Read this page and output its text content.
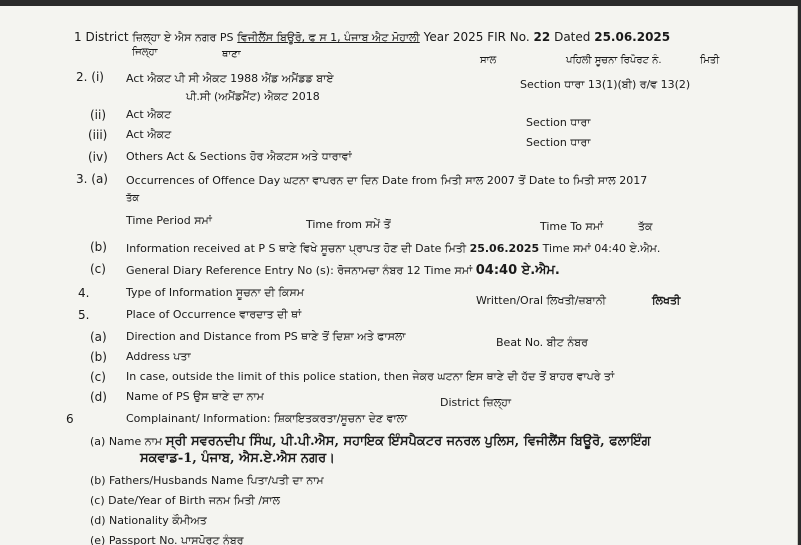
1 District ਜ਼ਿਲ੍ਹਾ ਏ ਐਸ ਨਗਰ PS ਵਿਜੀਲੈਂਸ ਬਿਊਰੋ, ਫ ਸ 1, ਪੰਜਾਬ ਐਟ ਮੋਹਾਲੀ Year 2025 FIR No. 22 Dated 25.06.2025
ਜਿਲ੍ਹਾ	ਥਾਣਾ
ਸਾਲ	ਪਹਿਲੀ ਸੂਚਨਾ ਰਿਪੋਰਟ ਨੰ.	ਮਿਤੀ
2. (i) Act ਐਕਟ ਪੀ ਸੀ ਐਕਟ 1988 ਐਂਡ ਅਮੈਂਡਡ ਬਾਏ
ਪੀ.ਸੀ (ਅਮੈਂਡਮੈਂਟ) ਐਕਟ 2018
Section ਧਾਰਾ 13(1)(ਬੀ) ਰ/ਵ 13(2)
(ii) Act ਐਕਟ
Section ਧਾਰਾ
(iii) Act ਐਕਟ
Section ਧਾਰਾ
(iv) Others Act & Sections ਹੋਰ ਐਕਟਸ ਅਤੇ ਧਾਰਾਵਾਂ
3. (a) Occurrences of Offence Day ਘਟਨਾ ਵਾਪਰਨ ਦਾ ਦਿਨ Date from ਮਿਤੀ ਸਾਲ 2007 ਤੋਂ Date to ਮਿਤੀ ਸਾਲ 2017
ਤੱਕ
Time Period ਸਮਾਂ	Time from ਸਮੇਂ ਤੋਂ	Time To ਸਮਾਂ	ਤੱਕ
(b) Information received at P S ਥਾਣੇ ਵਿਖੇ ਸੂਚਨਾ ਪ੍ਰਾਪਤ ਹੋਣ ਦੀ Date ਮਿਤੀ 25.06.2025 Time ਸਮਾਂ 04:40 ਏ.ਐਮ.
(c) General Diary Reference Entry No (s): ਰੋਜਨਾਮਚਾ ਨੰਬਰ 12 Time ਸਮਾਂ 04:40 ਏ.ਐਮ.
4.	Type of Information ਸੂਚਨਾ ਦੀ ਕਿਸਮ
Written/Oral ਲਿਖਤੀ/ਜ਼ਬਾਨੀ	ਲਿਖਤੀ
5.	Place of Occurrence ਵਾਰਦਾਤ ਦੀ ਥਾਂ
(a) Direction and Distance from PS ਥਾਣੇ ਤੋਂ ਦਿਸ਼ਾ ਅਤੇ ਫਾਸਲਾ	Beat No. ਬੀਟ ਨੰਬਰ
(b) Address ਪਤਾ
(c) In case, outside the limit of this police station, then ਜੇਕਰ ਘਟਨਾ ਇਸ ਥਾਣੇ ਦੀ ਹੱਦ ਤੋਂ ਬਾਹਰ ਵਾਪਰੇ ਤਾਂ
(d) Name of PS ਉਸ ਥਾਣੇ ਦਾ ਨਾਮ	District ਜ਼ਿਲ੍ਹਾ
6	Complainant/ Information: ਸ਼ਿਕਾਇਤਕਰਤਾ/ਸੂਚਨਾ ਦੇਣ ਵਾਲਾ
(a) Name ਨਾਮ ਸ੍ਰੀ ਸਵਰਨਦੀਪ ਸਿੰਘ, ਪੀ.ਪੀ.ਐਸ, ਸਹਾਇਕ ਇੰਸਪੈਕਟਰ ਜਨਰਲ ਪੁਲਿਸ, ਵਿਜੀਲੈਂਸ ਬਿਊਰੋ, ਫਲਾਇੰਗ
ਸਕਵਾਡ-1, ਪੰਜਾਬ, ਐਸ.ਏ.ਐਸ ਨਗਰ।
(b) Fathers/Husbands Name ਪਿਤਾ/ਪਤੀ ਦਾ ਨਾਮ
(c) Date/Year of Birth ਜਨਮ ਮਿਤੀ /ਸਾਲ
(d) Nationality ਕੌਮੀਅਤ
(e) Passport No. ਪਾਸਪੋਰਟ ਨੰਬਰ
